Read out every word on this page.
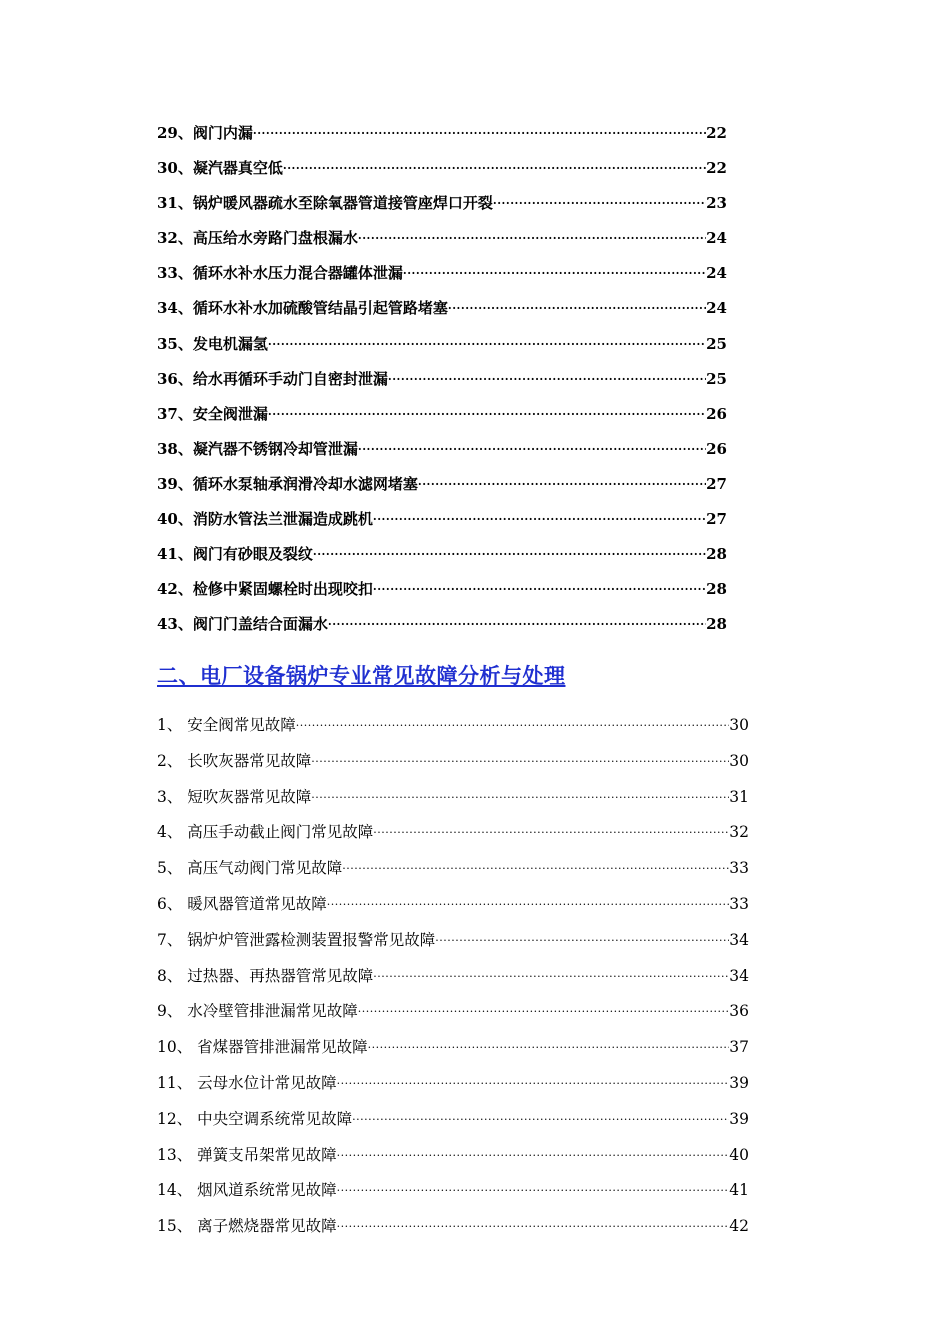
29、阀门内漏 ·····	22
30、凝汽器真空低 ·····	22
31、锅炉暖风器疏水至除氧器管道接管座焊口开裂 ·····	23
32、高压给水旁路门盘根漏水 ·····	24
33、循环水补水压力混合器罐体泄漏 ·····	24
34、循环水补水加硫酸管结晶引起管路堵塞 ·····	24
35、发电机漏氢 ·····	25
36、给水再循环手动门自密封泄漏 ·····	25
37、安全阀泄漏 ·····	26
38、凝汽器不锈钢冷却管泄漏 ·····	26
39、循环水泵轴承润滑冷却水滤网堵塞 ·····	27
40、消防水管法兰泄漏造成跳机 ·····	27
41、阀门有砂眼及裂纹 ·····	28
42、检修中紧固螺栓时出现咬扣 ·····	28
43、阀门门盖结合面漏水 ·····	28
二、电厂设备锅炉专业常见故障分析与处理
1、 安全阀常见故障 ·····	30
2、 长吹灰器常见故障 ·····	30
3、 短吹灰器常见故障 ·····	31
4、 高压手动截止阀门常见故障 ·····	32
5、 高压气动阀门常见故障 ·····	33
6、 暖风器管道常见故障 ·····	33
7、 锅炉炉管泄露检测装置报警常见故障 ·····	34
8、 过热器、再热器管常见故障 ·····	34
9、 水冷壁管排泄漏常见故障 ·····	36
10、 省煤器管排泄漏常见故障 ·····	37
11、 云母水位计常见故障 ·····	39
12、 中央空调系统常见故障 ·····	39
13、 弹簧支吊架常见故障 ·····	40
14、 烟风道系统常见故障 ·····	41
15、 离子燃烧器常见故障 ·····	42
